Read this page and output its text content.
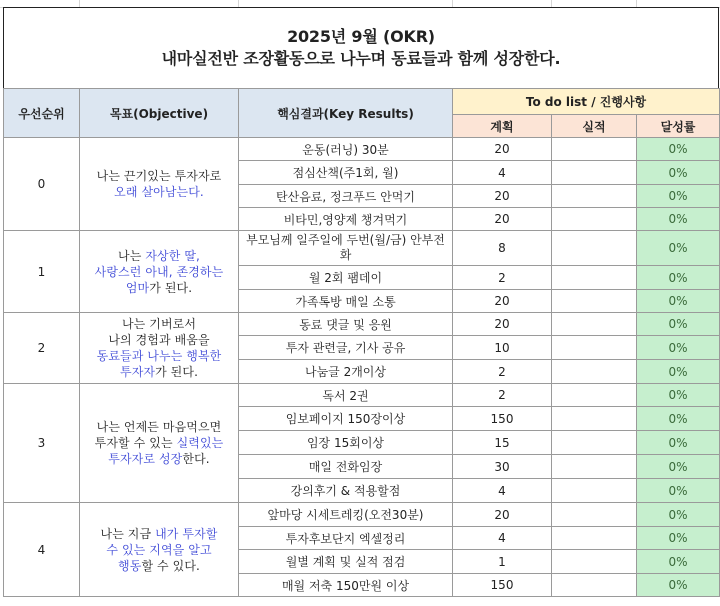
2025년 9월 (OKR)
내마실전반 조장활동으로 나누며 동료들과 함께 성장한다.
우선순위	목표(Objective)	핵심결과(Key Results)	To do list / 진행사항		
			계획	실적	달성률
0	나는 끈기있는 투자자로
오래 살아남는다.	운동(러닝) 30분	20		0%
		점심산책(주1회, 월)	4		0%
		탄산음료, 정크푸드 안먹기	20		0%
		비타민,영양제 챙겨먹기	20		0%
1	나는 자상한 딸,
사랑스런 아내, 존경하는
엄마가 된다.	부모님께 일주일에 두번(월/금) 안부전화	8		0%
		월 2회 팸데이	2		0%
		가족톡방 매일 소통	20		0%
2	나는 기버로서
나의 경험과 배움을
동료들과 나누는 행복한
투자자가 된다.	동료 댓글 및 응원	20		0%
		투자 관련글, 기사 공유	10		0%
		나눔글 2개이상	2		0%
3	나는 언제든 마음먹으면
투자할 수 있는 실력있는
투자자로 성장한다.	독서 2권	2		0%
		임보페이지 150장이상	150		0%
		임장 15회이상	15		0%
		매일 전화임장	30		0%
		강의후기 & 적용할점	4		0%
4	나는 지금 내가 투자할
수 있는 지역을 알고
행동할 수 있다.	앞마당 시세트레킹(오전30분)	20		0%
		투자후보단지 엑셀정리	4		0%
		월별 계획 및 실적 점검	1		0%
		매월 저축 150만원 이상	150		0%
